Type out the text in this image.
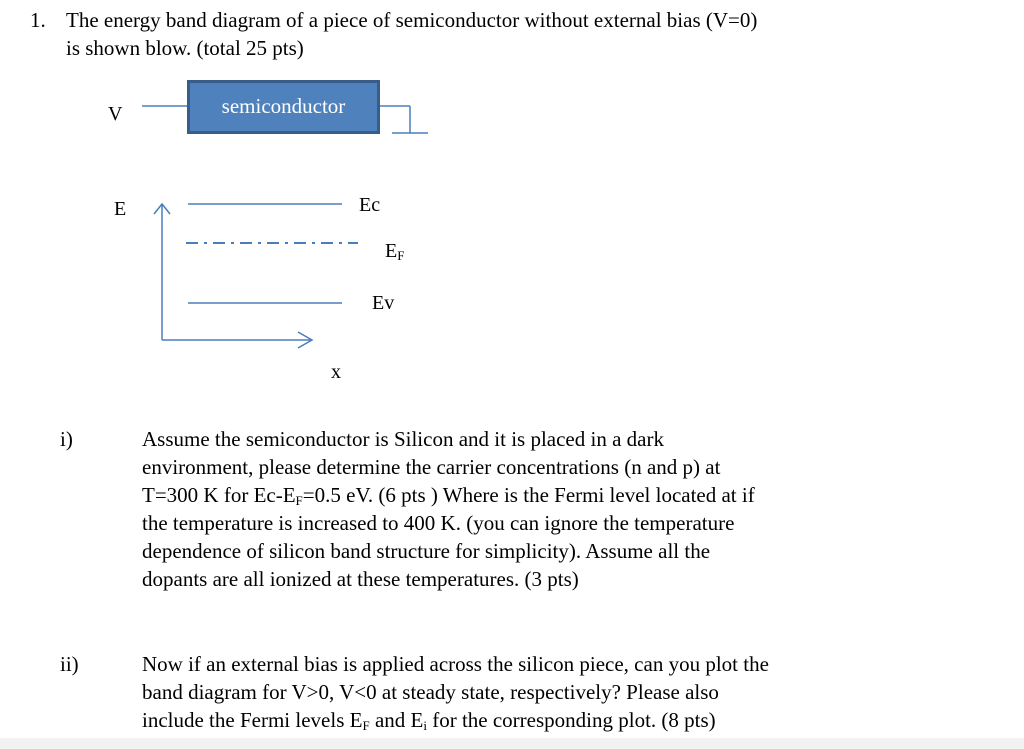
1. The energy band diagram of a piece of semiconductor without external bias (V=0)
is shown blow. (total 25 pts)
V	semiconductor
E	Ec
$E_F$
Ev
x
i)	Assume the semiconductor is Silicon and it is placed in a dark
environment, please determine the carrier concentrations (n and p) at
T=300 K for $Ec-E_F=0.5$ eV. (6 pts ) Where is the Fermi level located at if
the temperature is increased to 400 K. (you can ignore the temperature
dependence of silicon band structure for simplicity). Assume all the
dopants are all ionized at these temperatures. (3 pts)
ii)	Now if an external bias is applied across the silicon piece, can you plot the
band diagram for V>0, V<0 at steady state, respectively? Please also
include the Fermi levels $E_F$ and $E_i$ for the corresponding plot. (8 pts)
